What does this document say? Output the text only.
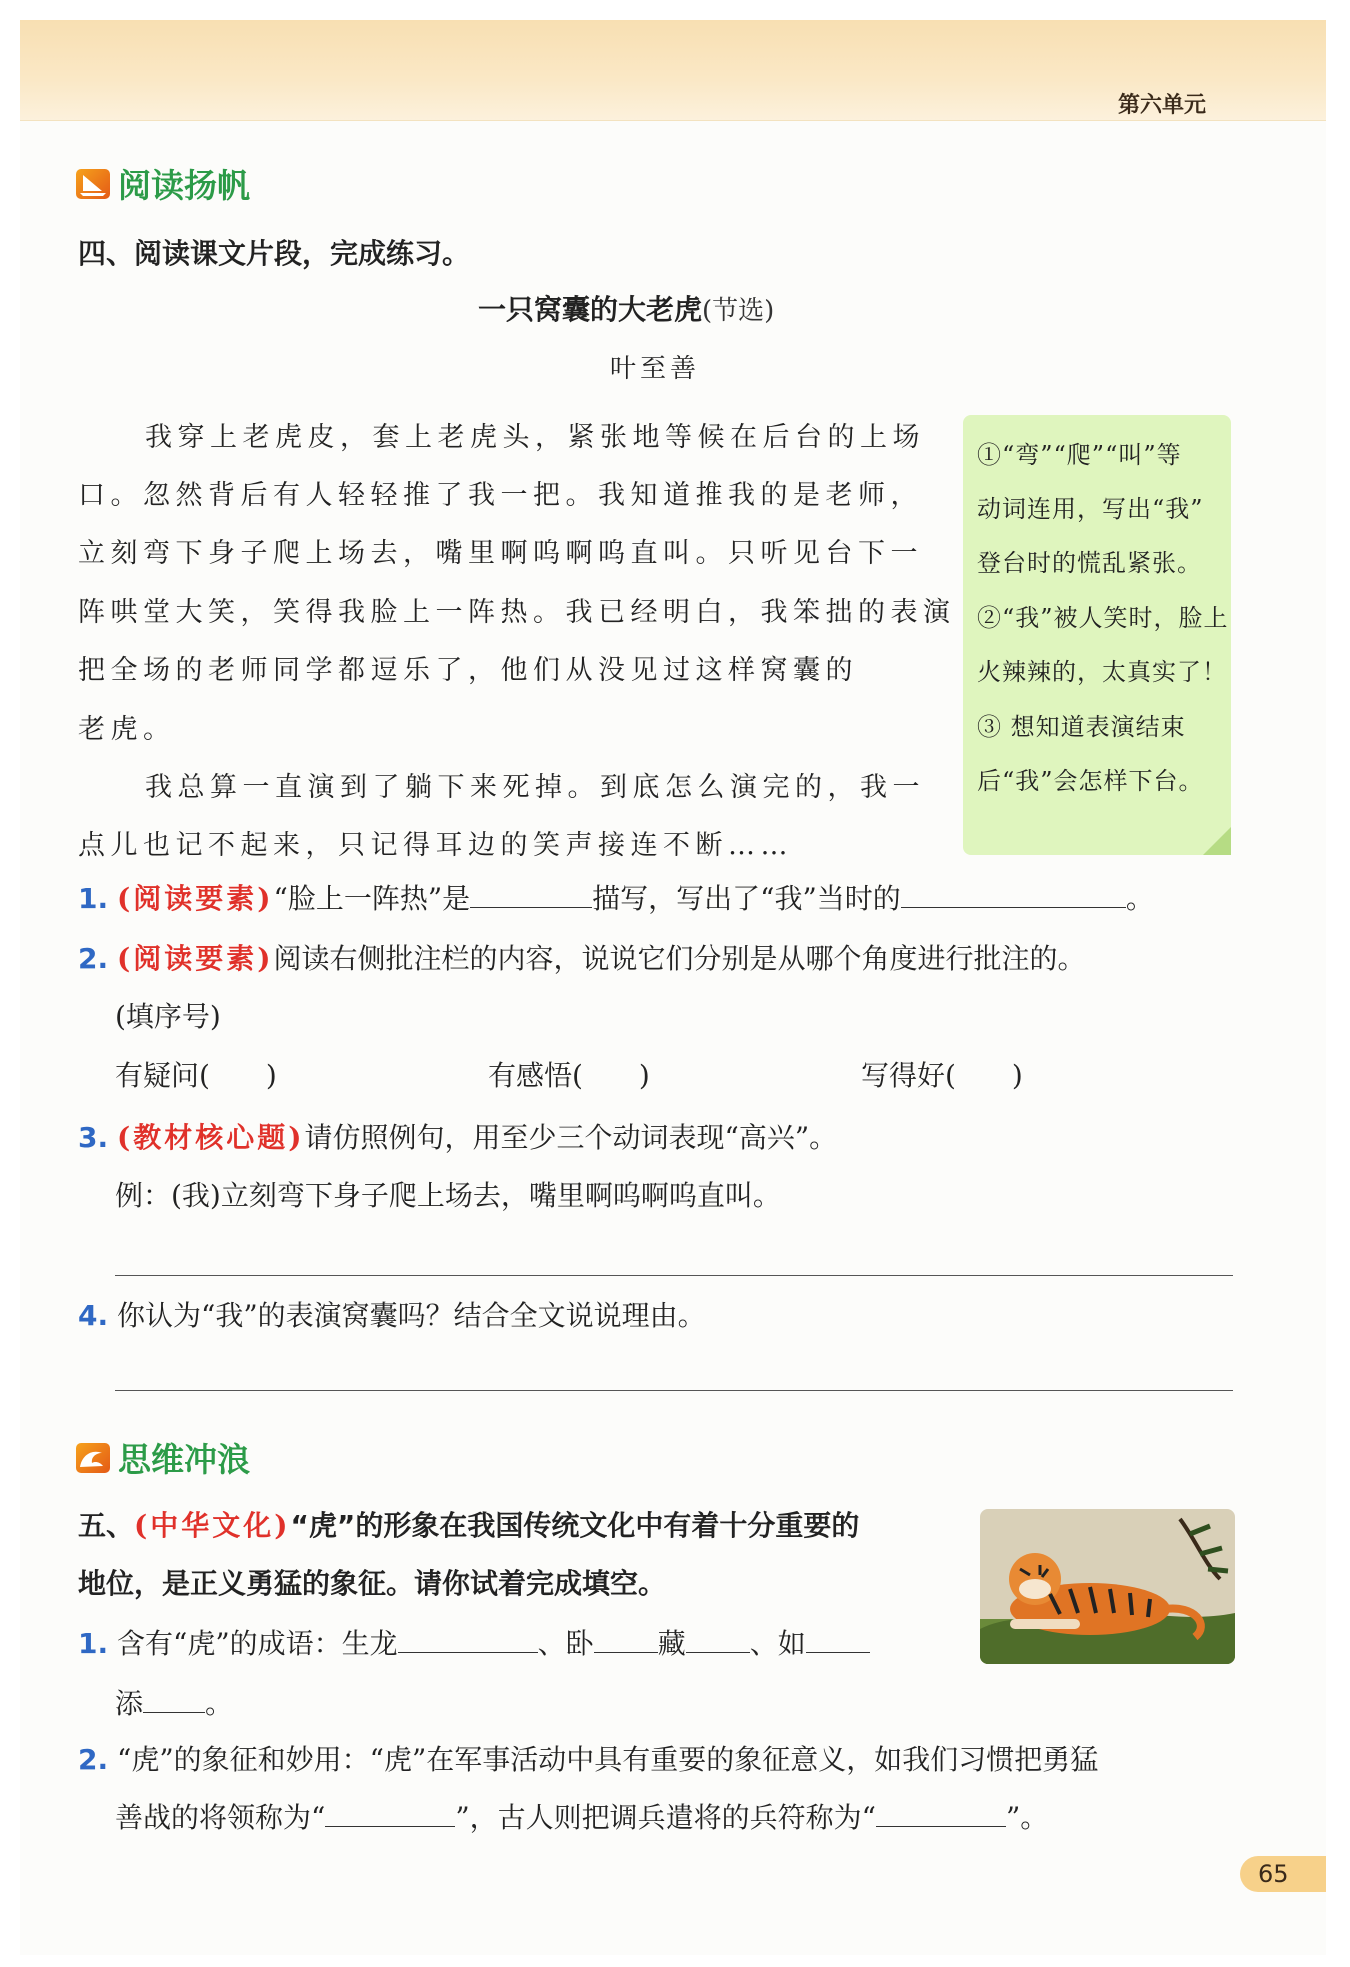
第六单元
阅读扬帆
四、阅读课文片段，完成练习。
一只窝囊的大老虎(节选)
叶至善
我穿上老虎皮，套上老虎头，紧张地等候在后台的上场
口。忽然背后有人轻轻推了我一把。我知道推我的是老师，
立刻弯下身子爬上场去，嘴里啊呜啊呜直叫。只听见台下一
阵哄堂大笑，笑得我脸上一阵热。我已经明白，我笨拙的表演
把全场的老师同学都逗乐了，他们从没见过这样窝囊的
老虎。
我总算一直演到了躺下来死掉。到底怎么演完的，我一
点儿也记不起来，只记得耳边的笑声接连不断……
①“弯”“爬”“叫”等
动词连用，写出“我”
登台时的慌乱紧张。
②“我”被人笑时，脸上
火辣辣的，太真实了！
③ 想知道表演结束
后“我”会怎样下台。
1. (阅读要素)“脸上一阵热”是	描写，写出了“我”当时的	。
2. (阅读要素)阅读右侧批注栏的内容，说说它们分别是从哪个角度进行批注的。
(填序号)
有疑问(　　)	有感悟(　　)	写得好(　　)
3. (教材核心题)请仿照例句，用至少三个动词表现“高兴”。
例：(我)立刻弯下身子爬上场去，嘴里啊呜啊呜直叫。
4. 你认为“我”的表演窝囊吗？结合全文说说理由。
思维冲浪
五、(中华文化)“虎”的形象在我国传统文化中有着十分重要的
地位，是正义勇猛的象征。请你试着完成填空。
1. 含有“虎”的成语：生龙	、卧 藏 、如
添 。
2. “虎”的象征和妙用：“虎”在军事活动中具有重要的象征意义，如我们习惯把勇猛
善战的将领称为“	”，古人则把调兵遣将的兵符称为“	”。
65
